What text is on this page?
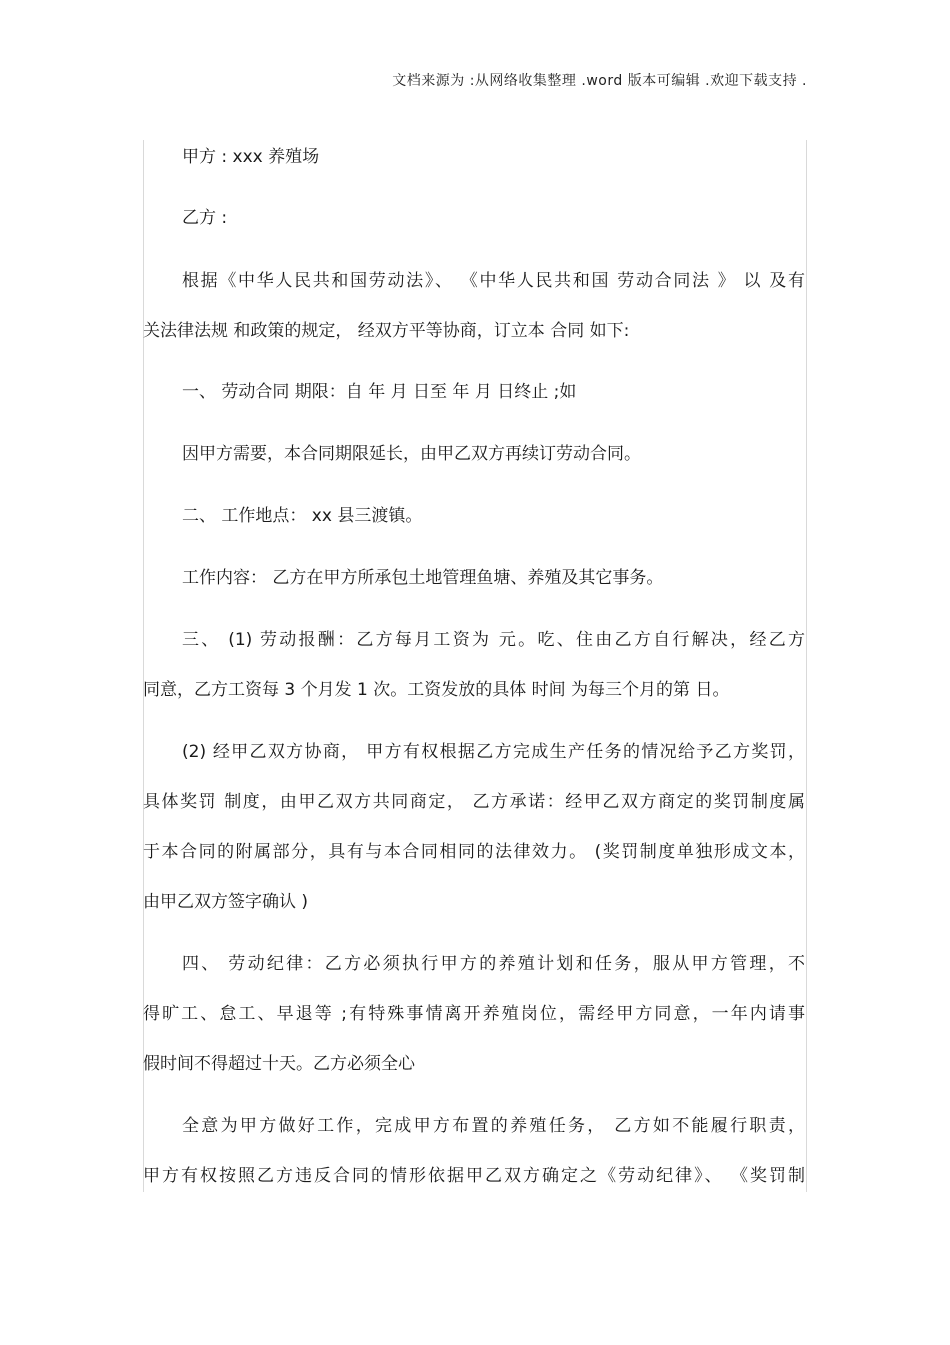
文档来源为 :从网络收集整理 .word 版本可编辑 .欢迎下载支持 .
甲方 : xxx 养殖场
乙方 :
根据《中华人民共和国劳动法》、 《中华人民共和国 劳动合同法 》 以 及有
关法律法规 和政策的规定， 经双方平等协商，订立本 合同 如下:
一、 劳动合同 期限：自 年 月 日至 年 月 日终止 ;如
因甲方需要，本合同期限延长，由甲乙双方再续订劳动合同。
二、 工作地点： xx 县三渡镇。
工作内容： 乙方在甲方所承包土地管理鱼塘、养殖及其它事务。
三、 (1) 劳动报酬：乙方每月工资为 元。吃、住由乙方自行解决，经乙方
同意，乙方工资每 3 个月发 1 次。工资发放的具体 时间 为每三个月的第 日。
(2) 经甲乙双方协商， 甲方有权根据乙方完成生产任务的情况给予乙方奖罚，
具体奖罚 制度，由甲乙双方共同商定， 乙方承诺：经甲乙双方商定的奖罚制度属
于本合同的附属部分，具有与本合同相同的法律效力。 (奖罚制度单独形成文本，
由甲乙双方签字确认 )
四、 劳动纪律：乙方必须执行甲方的养殖计划和任务，服从甲方管理，不
得旷工、怠工、早退等 ;有特殊事情离开养殖岗位，需经甲方同意，一年内请事
假时间不得超过十天。乙方必须全心
全意为甲方做好工作，完成甲方布置的养殖任务， 乙方如不能履行职责，
甲方有权按照乙方违反合同的情形依据甲乙双方确定之《劳动纪律》、 《奖罚制
